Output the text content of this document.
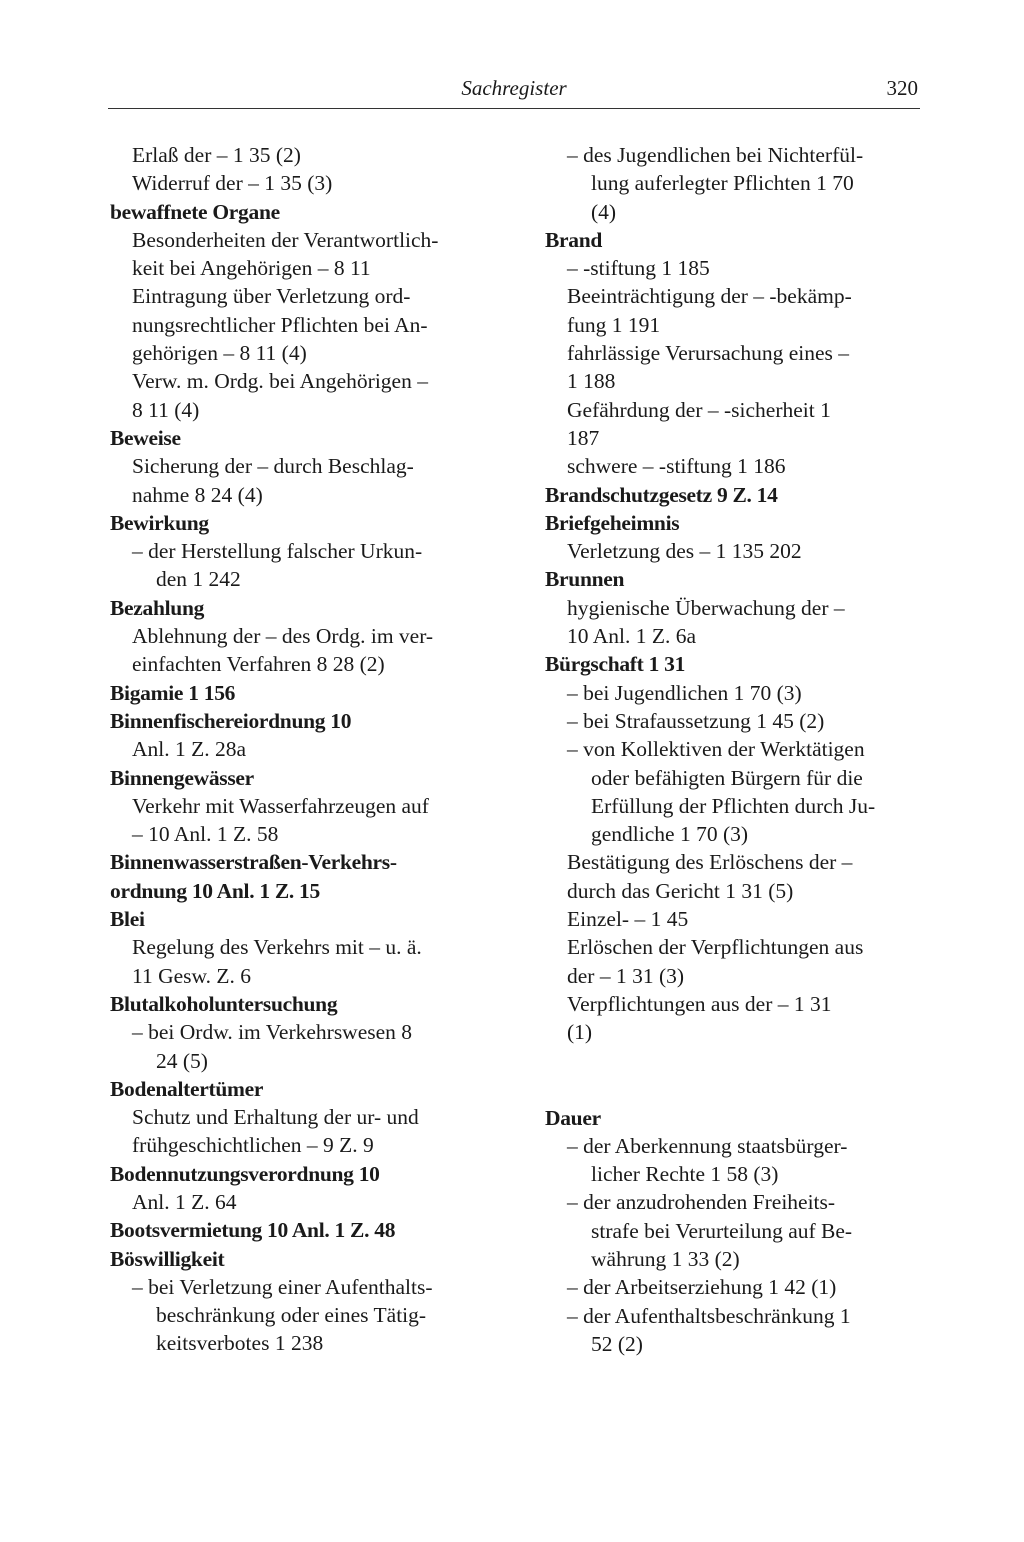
Sachregister	320
Erlaß der – 1 35 (2)
Widerruf der – 1 35 (3)
bewaffnete Organe
Besonderheiten der Verantwortlich-
keit bei Angehörigen – 8 11
Eintragung über Verletzung ord-
nungsrechtlicher Pflichten bei An-
gehörigen – 8 11 (4)
Verw. m. Ordg. bei Angehörigen –
8 11 (4)
Beweise
Sicherung der – durch Beschlag-
nahme 8 24 (4)
Bewirkung
– der Herstellung falscher Urkun-
den 1 242
Bezahlung
Ablehnung der – des Ordg. im ver-
einfachten Verfahren 8 28 (2)
Bigamie 1 156
Binnenfischereiordnung 10
Anl. 1 Z. 28a
Binnengewässer
Verkehr mit Wasserfahrzeugen auf
– 10 Anl. 1 Z. 58
Binnenwasserstraßen-Verkehrs-
ordnung 10 Anl. 1 Z. 15
Blei
Regelung des Verkehrs mit – u. ä.
11 Gesw. Z. 6
Blutalkoholuntersuchung
– bei Ordw. im Verkehrswesen 8
24 (5)
Bodenaltertümer
Schutz und Erhaltung der ur- und
frühgeschichtlichen – 9 Z. 9
Bodennutzungsverordnung 10
Anl. 1 Z. 64
Bootsvermietung 10 Anl. 1 Z. 48
Böswilligkeit
– bei Verletzung einer Aufenthalts-
beschränkung oder eines Tätig-
keitsverbotes 1 238
– des Jugendlichen bei Nichterfül-
lung auferlegter Pflichten 1 70
(4)
Brand
– -stiftung 1 185
Beeinträchtigung der – -bekämp-
fung 1 191
fahrlässige Verursachung eines –
1 188
Gefährdung der – -sicherheit 1
187
schwere – -stiftung 1 186
Brandschutzgesetz 9 Z. 14
Briefgeheimnis
Verletzung des – 1 135 202
Brunnen
hygienische Überwachung der –
10 Anl. 1 Z. 6a
Bürgschaft 1 31
– bei Jugendlichen 1 70 (3)
– bei Strafaussetzung 1 45 (2)
– von Kollektiven der Werktätigen
oder befähigten Bürgern für die
Erfüllung der Pflichten durch Ju-
gendliche 1 70 (3)
Bestätigung des Erlöschens der –
durch das Gericht 1 31 (5)
Einzel- – 1 45
Erlöschen der Verpflichtungen aus
der – 1 31 (3)
Verpflichtungen aus der – 1 31
(1)
Dauer
– der Aberkennung staatsbürger-
licher Rechte 1 58 (3)
– der anzudrohenden Freiheits-
strafe bei Verurteilung auf Be-
währung 1 33 (2)
– der Arbeitserziehung 1 42 (1)
– der Aufenthaltsbeschränkung 1
52 (2)
